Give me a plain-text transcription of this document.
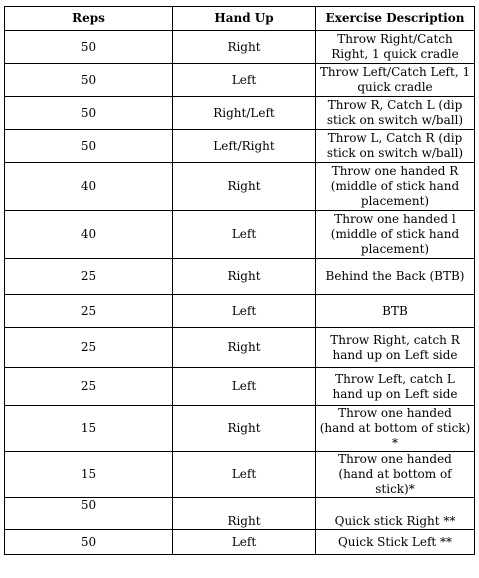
Reps	Hand Up	Exercise Description
50	Right	Throw Right/Catch Right, 1 quick cradle
50	Left	Throw Left/Catch Left, 1 quick cradle
50	Right/Left	Throw R, Catch L (dip stick on switch w/ball)
50	Left/Right	Throw L, Catch R (dip stick on switch w/ball)
40	Right	Throw one handed R (middle of stick hand placement)
40	Left	Throw one handed l (middle of stick hand placement)
25	Right	Behind the Back (BTB)
25	Left	BTB
25	Right	Throw Right, catch R hand up on Left side
25	Left	Throw Left, catch L hand up on Left side
15	Right	Throw one handed (hand at bottom of stick) *
15	Left	Throw one handed (hand at bottom of stick)*
50	Right	Quick stick Right **
50	Left	Quick Stick Left **
